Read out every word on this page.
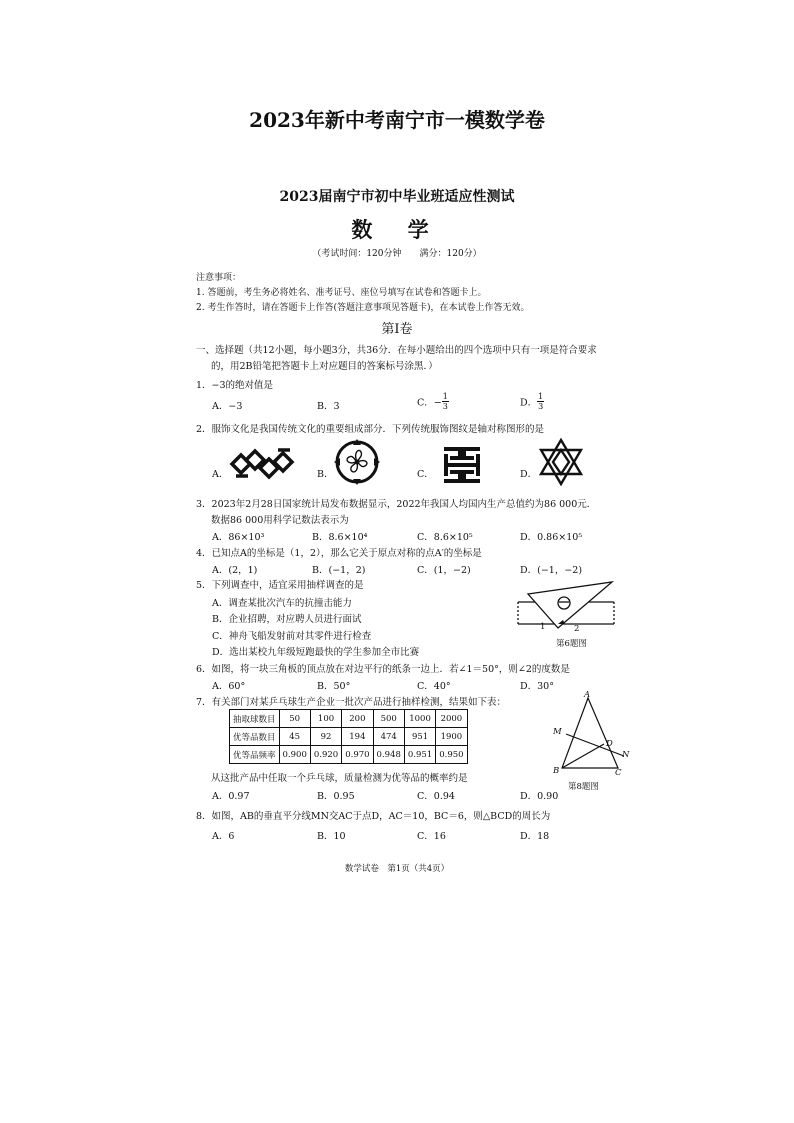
2023年新中考南宁市一模数学卷
2023届南宁市初中毕业班适应性测试
数 学
（考试时间：120分钟　　满分：120分）
注意事项：
1. 答题前，考生务必将姓名、准考证号、座位号填写在试卷和答题卡上。
2. 考生作答时，请在答题卡上作答(答题注意事项见答题卡)，在本试卷上作答无效。
第Ⅰ卷
一、选择题（共12小题，每小题3分，共36分．在每小题给出的四个选项中只有一项是符合要求
的，用2B铅笔把答题卡上对应题目的答案标号涂黑．）
1．−3的绝对值是
A．−3	B．3	C．− $\frac{1}{3}$	D． $\frac{1}{3}$
2．服饰文化是我国传统文化的重要组成部分．下列传统服饰图纹是轴对称图形的是
A．	B．	C．	D．
3．2023年2月28日国家统计局发布数据显示，2022年我国人均国内生产总值约为86 000元．
数据86 000用科学记数法表示为
A．86×10³	B．8.6×10⁴	C．8.6×10⁵	D．0.86×10⁵
4．已知点A的坐标是（1，2），那么它关于原点对称的点A′的坐标是
A．(2，1)	B．(−1，2)	C．(1，−2)	D．(−1，−2)
5．下列调查中，适宜采用抽样调查的是
A．调查某批次汽车的抗撞击能力
B．企业招聘，对应聘人员进行面试
C．神舟飞船发射前对其零件进行检查
D．选出某校九年级短跑最快的学生参加全市比赛
2
1
第6题图
6．如图，将一块三角板的顶点放在对边平行的纸条一边上．若∠1＝50°，则∠2的度数是
A．60°	B．50°	C．40°	D．30°
7．有关部门对某乒乓球生产企业一批次产品进行抽样检测，结果如下表：
抽取球数目	50	100	200	500	1000	2000
优等品数目	45	92	194	474	951	1900
优等品频率	0.900	0.920	0.970	0.948	0.951	0.950
从这批产品中任取一个乒乓球，质量检测为优等品的概率约是
A．0.97	B．0.95	C．0.94	D．0.90
A
M
D
N
B	C
第8题图
8．如图，AB的垂直平分线MN交AC于点D，AC＝10，BC＝6，则△BCD的周长为
A．6	B．10	C．16	D．18
数学试卷　第1页（共4页）
